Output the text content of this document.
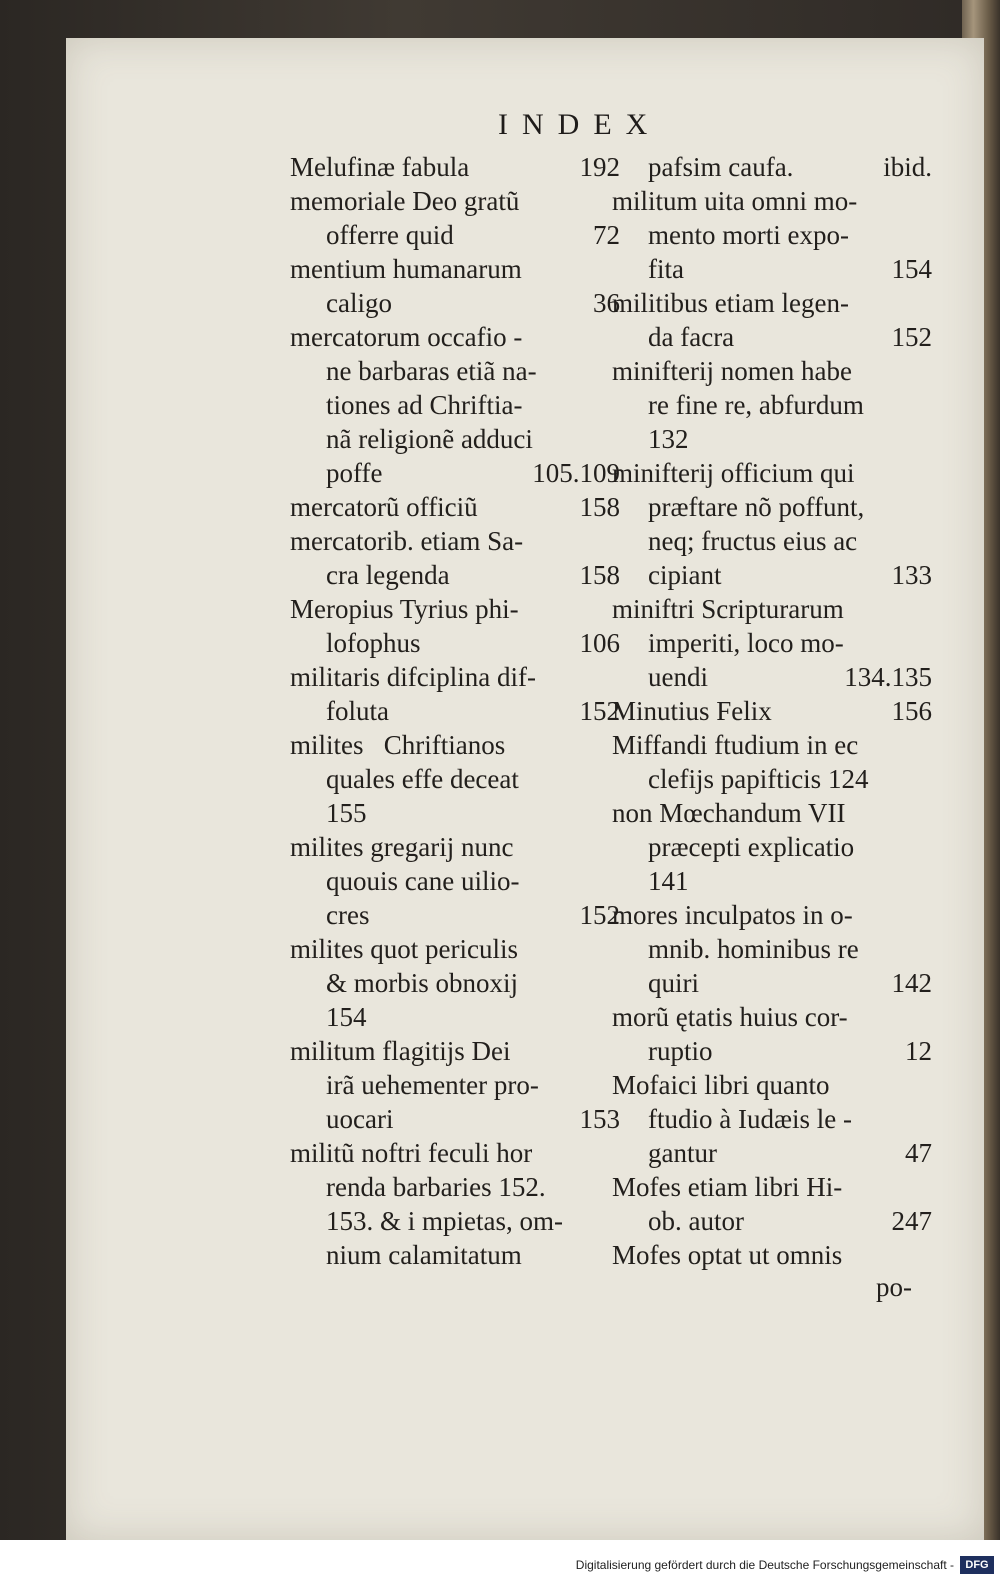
INDEX
Melufinæ fabula	192
memoriale Deo gratũ
offerre quid	72
mentium humanarum
caligo	36
mercatorum occafio -
ne barbaras etiã na-
tiones ad Chriftia-
nã religionẽ adduci
poffe	105.109
mercatorũ officiũ	158
mercatorib. etiam Sa-
cra legenda	158
Meropius Tyrius phi-
lofophus	106
militaris difciplina dif-
foluta	152
milites   Chriftianos
quales effe deceat
155
milites gregarij nunc
quouis cane uilio-
cres	152
milites quot periculis
& morbis obnoxij
154
militum flagitijs Dei
irã uehementer pro-
uocari	153
militũ noftri feculi hor
renda barbaries 152.
153. & i mpietas, om-
nium calamitatum
pafsim caufa.	ibid.
militum uita omni mo-
mento morti expo-
fita	154
militibus etiam legen-
da facra	152
minifterij nomen habe
re fine re, abfurdum
132
minifterij officium qui
præftare nõ poffunt,
neq; fructus eius ac
cipiant	133
miniftri Scripturarum
imperiti, loco mo-
uendi	134.135
Minutius Felix	156
Miffandi ftudium in ec
clefijs papifticis 124
non Mœchandum VII
præcepti explicatio
141
mores inculpatos in o-
mnib. hominibus re
quiri	142
morũ ętatis huius cor-
ruptio	12
Mofaici libri quanto
ftudio à Iudæis le -
gantur	47
Mofes etiam libri Hi-
ob. autor	247
Mofes optat ut omnis
po-
Digitalisierung gefördert durch die Deutsche Forschungsgemeinschaft -	DFG
